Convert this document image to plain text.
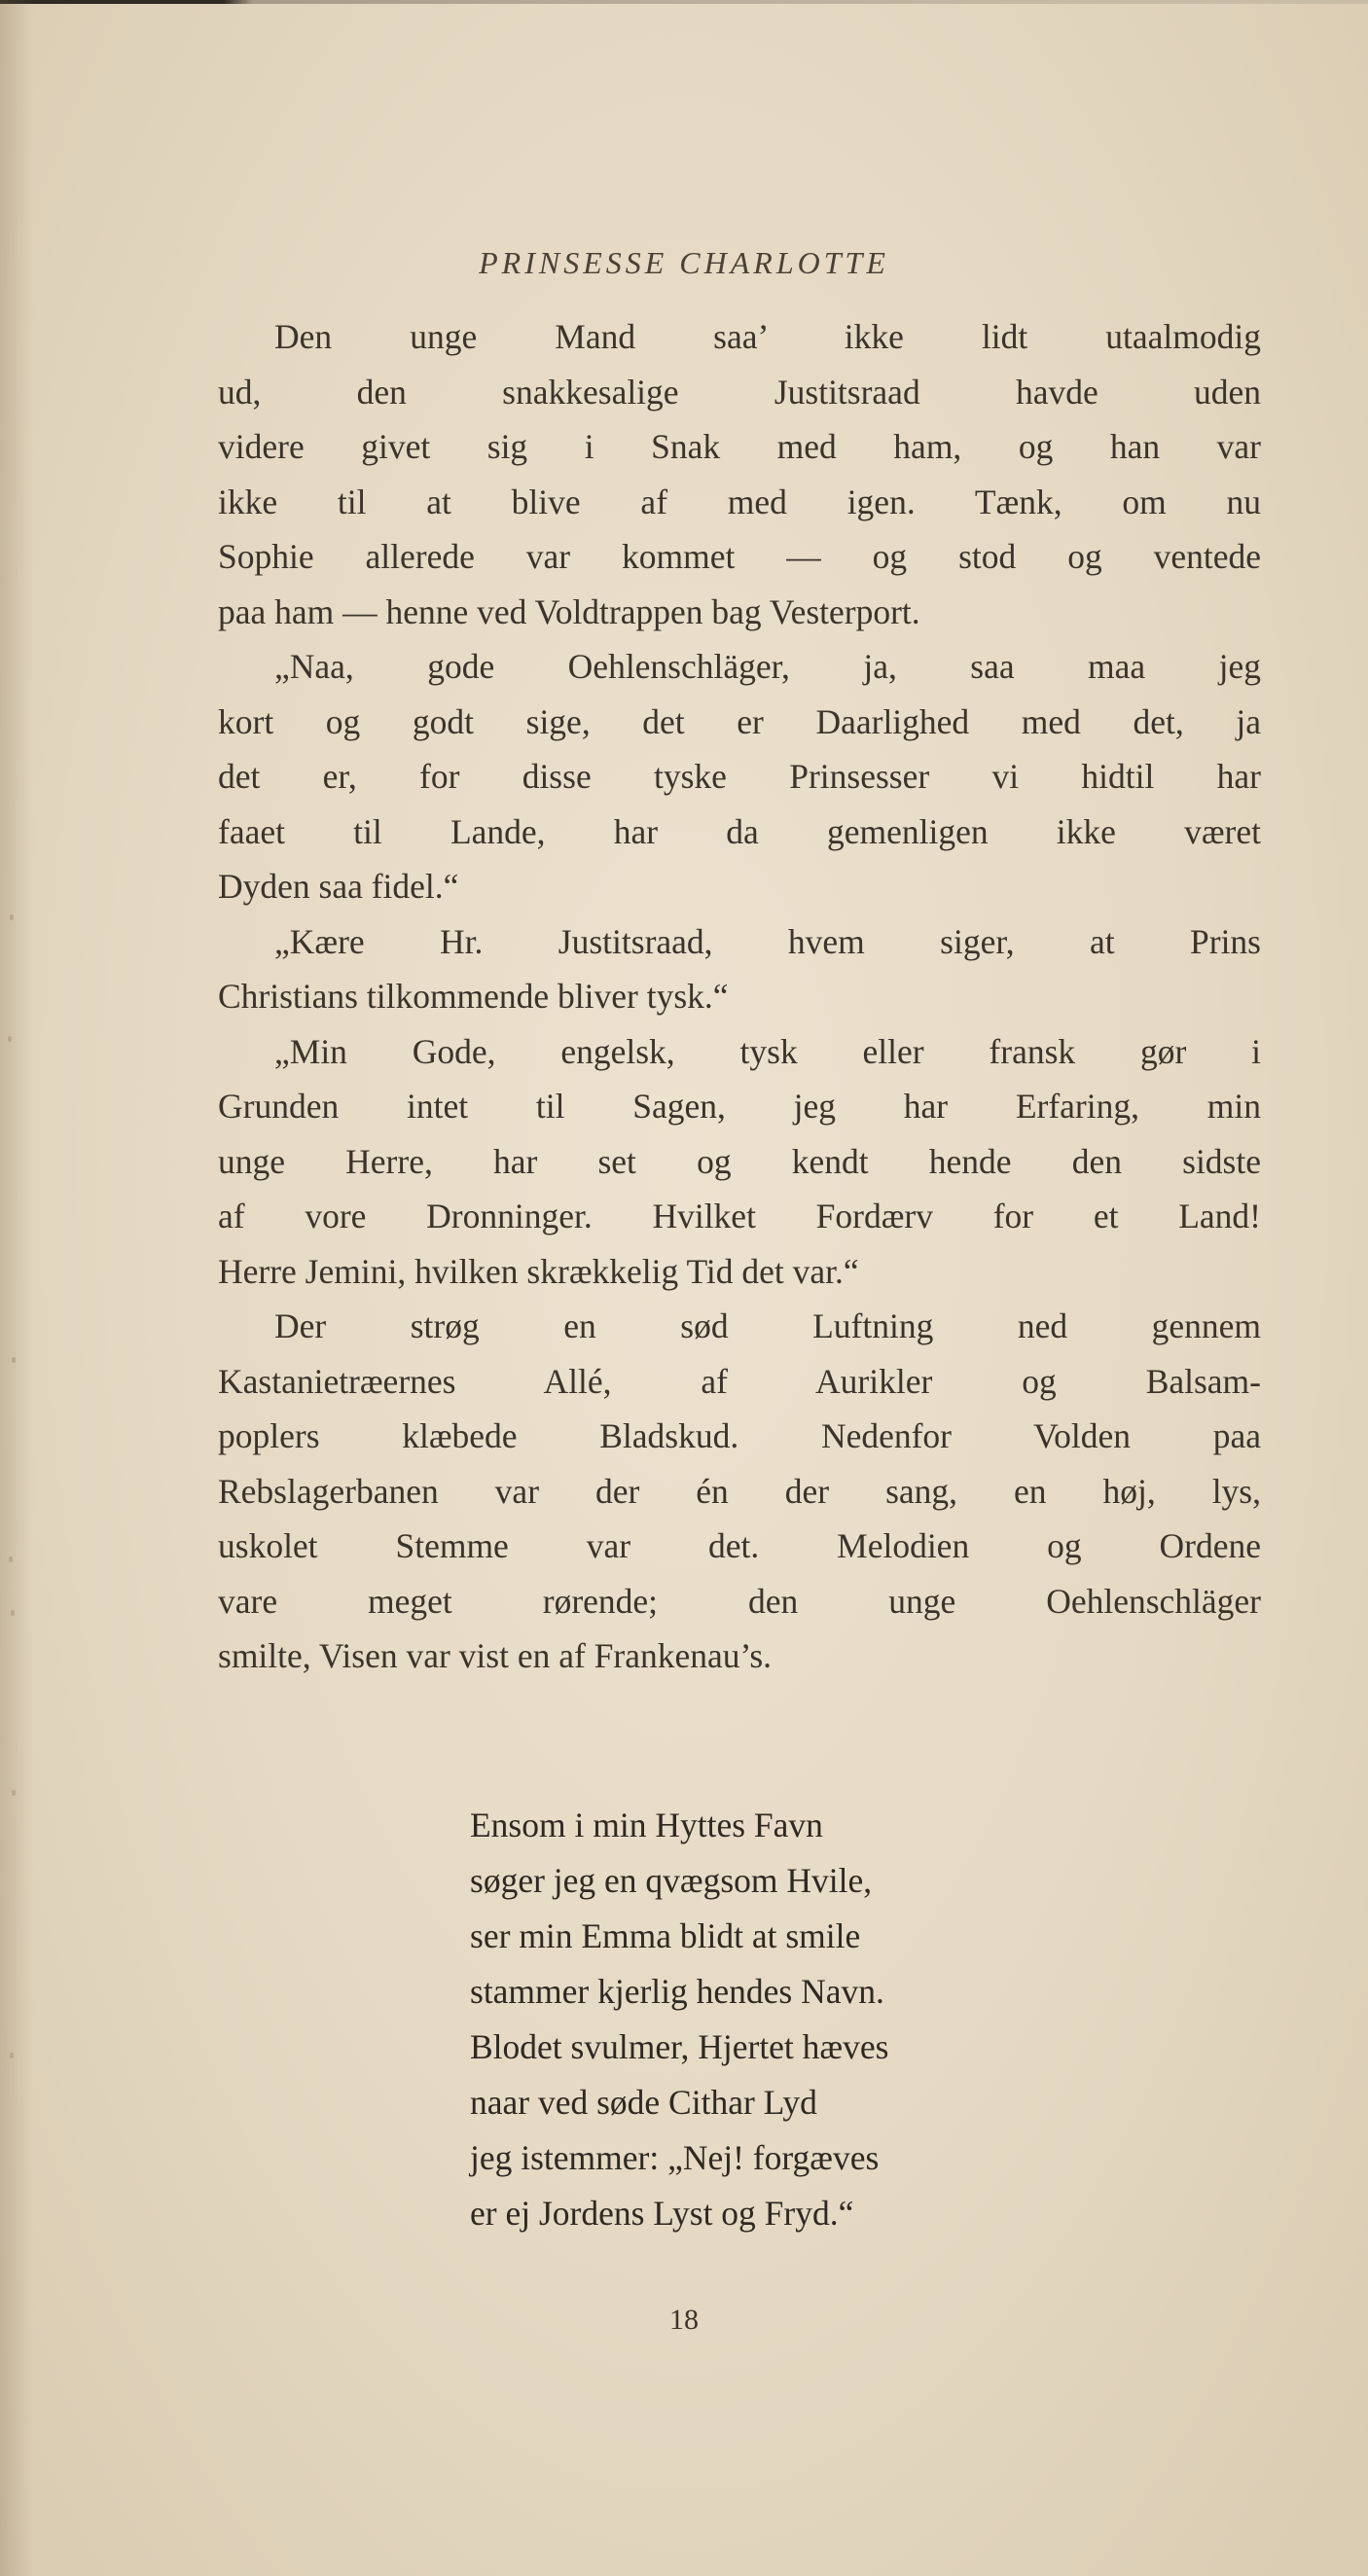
PRINSESSE CHARLOTTE

Den unge Mand saa’ ikke lidt utaalmodig
ud, den snakkesalige Justitsraad havde uden
videre givet sig i Snak med ham, og han var
ikke til at blive af med igen. Tænk, om nu
Sophie allerede var kommet — og stod og ventede
paa ham — henne ved Voldtrappen bag Vesterport.

„Naa, gode Oehlenschläger, ja, saa maa jeg
kort og godt sige, det er Daarlighed med det, ja
det er, for disse tyske Prinsesser vi hidtil har
faaet til Lande, har da gemenligen ikke været
Dyden saa fidel.“

„Kære Hr. Justitsraad, hvem siger, at Prins
Christians tilkommende bliver tysk.“

„Min Gode, engelsk, tysk eller fransk gør i
Grunden intet til Sagen, jeg har Erfaring, min
unge Herre, har set og kendt hende den sidste
af vore Dronninger. Hvilket Fordærv for et Land!
Herre Jemini, hvilken skrækkelig Tid det var.“

Der strøg en sød Luftning ned gennem
Kastanietræernes Allé, af Aurikler og Balsam-
poplers klæbede Bladskud. Nedenfor Volden paa
Rebslagerbanen var der én der sang, en høj, lys,
uskolet Stemme var det. Melodien og Ordene
vare meget rørende; den unge Oehlenschläger
smilte, Visen var vist en af Frankenau’s.

Ensom i min Hyttes Favn
søger jeg en qvægsom Hvile,
ser min Emma blidt at smile
stammer kjerlig hendes Navn.
Blodet svulmer, Hjertet hæves
naar ved søde Cithar Lyd
jeg istemmer: „Nej! forgæves
er ej Jordens Lyst og Fryd.“
18
